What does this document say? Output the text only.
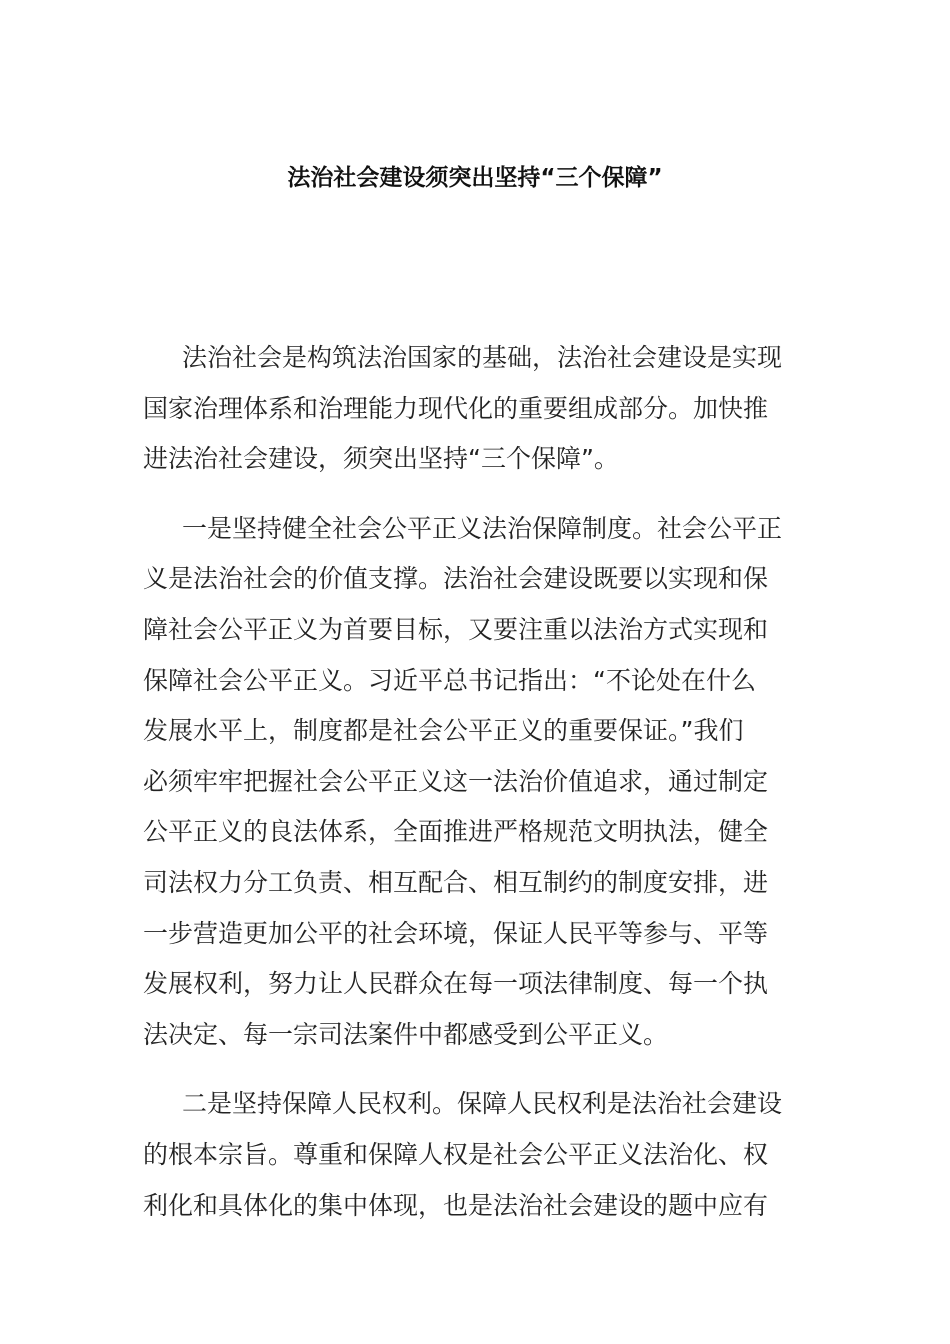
法治社会建设须突出坚持“三个保障”
法治社会是构筑法治国家的基础，法治社会建设是实现
国家治理体系和治理能力现代化的重要组成部分。加快推
进法治社会建设，须突出坚持“三个保障”。
一是坚持健全社会公平正义法治保障制度。社会公平正
义是法治社会的价值支撑。法治社会建设既要以实现和保
障社会公平正义为首要目标，又要注重以法治方式实现和
保障社会公平正义。习近平总书记指出：“不论处在什么
发展水平上，制度都是社会公平正义的重要保证。”我们
必须牢牢把握社会公平正义这一法治价值追求，通过制定
公平正义的良法体系，全面推进严格规范文明执法，健全
司法权力分工负责、相互配合、相互制约的制度安排，进
一步营造更加公平的社会环境，保证人民平等参与、平等
发展权利，努力让人民群众在每一项法律制度、每一个执
法决定、每一宗司法案件中都感受到公平正义。
二是坚持保障人民权利。保障人民权利是法治社会建设
的根本宗旨。尊重和保障人权是社会公平正义法治化、权
利化和具体化的集中体现，也是法治社会建设的题中应有
